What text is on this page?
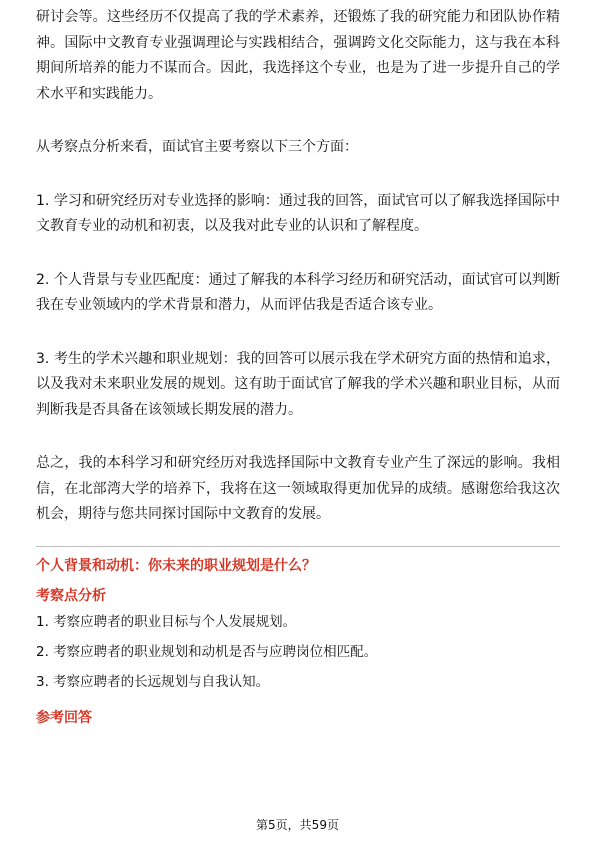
研讨会等。这些经历不仅提高了我的学术素养，还锻炼了我的研究能力和团队协作精神。国际中文教育专业强调理论与实践相结合，强调跨文化交际能力，这与我在本科期间所培养的能力不谋而合。因此，我选择这个专业，也是为了进一步提升自己的学术水平和实践能力。

从考察点分析来看，面试官主要考察以下三个方面：

1. 学习和研究经历对专业选择的影响：通过我的回答，面试官可以了解我选择国际中文教育专业的动机和初衷，以及我对此专业的认识和了解程度。

2. 个人背景与专业匹配度：通过了解我的本科学习经历和研究活动，面试官可以判断我在专业领域内的学术背景和潜力，从而评估我是否适合该专业。

3. 考生的学术兴趣和职业规划：我的回答可以展示我在学术研究方面的热情和追求，以及我对未来职业发展的规划。这有助于面试官了解我的学术兴趣和职业目标，从而判断我是否具备在该领域长期发展的潜力。

总之，我的本科学习和研究经历对我选择国际中文教育专业产生了深远的影响。我相信，在北部湾大学的培养下，我将在这一领域取得更加优异的成绩。感谢您给我这次机会，期待与您共同探讨国际中文教育的发展。

个人背景和动机：你未来的职业规划是什么？
考察点分析
1. 考察应聘者的职业目标与个人发展规划。
2. 考察应聘者的职业规划和动机是否与应聘岗位相匹配。
3. 考察应聘者的长远规划与自我认知。
参考回答
第5页，共59页
